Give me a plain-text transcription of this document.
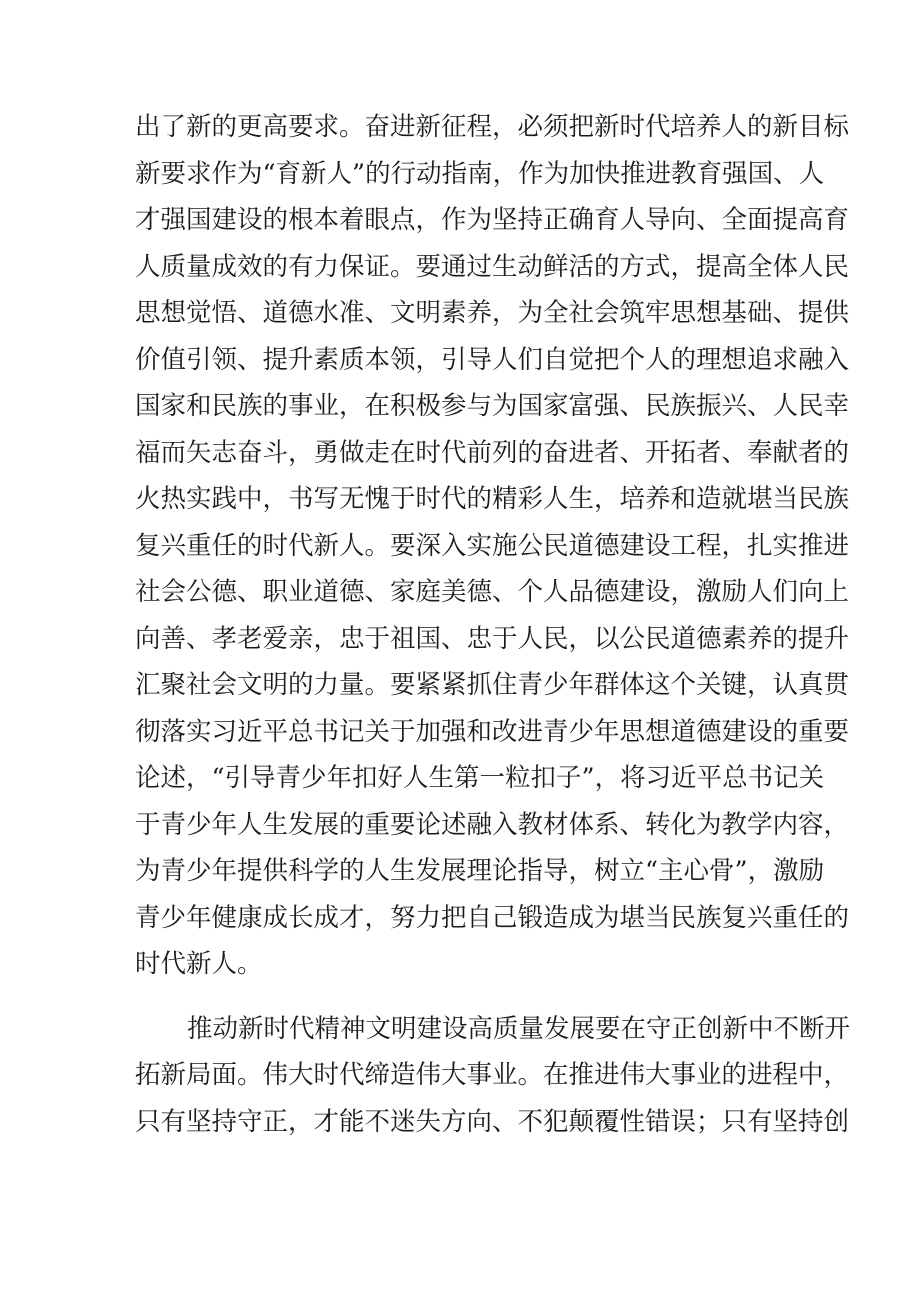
出了新的更高要求。奋进新征程，必须把新时代培养人的新目标
新要求作为“育新人”的行动指南，作为加快推进教育强国、人
才强国建设的根本着眼点，作为坚持正确育人导向、全面提高育
人质量成效的有力保证。要通过生动鲜活的方式，提高全体人民
思想觉悟、道德水准、文明素养，为全社会筑牢思想基础、提供
价值引领、提升素质本领，引导人们自觉把个人的理想追求融入
国家和民族的事业，在积极参与为国家富强、民族振兴、人民幸
福而矢志奋斗，勇做走在时代前列的奋进者、开拓者、奉献者的
火热实践中，书写无愧于时代的精彩人生，培养和造就堪当民族
复兴重任的时代新人。要深入实施公民道德建设工程，扎实推进
社会公德、职业道德、家庭美德、个人品德建设，激励人们向上
向善、孝老爱亲，忠于祖国、忠于人民，以公民道德素养的提升
汇聚社会文明的力量。要紧紧抓住青少年群体这个关键，认真贯
彻落实习近平总书记关于加强和改进青少年思想道德建设的重要
论述，“引导青少年扣好人生第一粒扣子”，将习近平总书记关
于青少年人生发展的重要论述融入教材体系、转化为教学内容，
为青少年提供科学的人生发展理论指导，树立“主心骨”，激励
青少年健康成长成才，努力把自己锻造成为堪当民族复兴重任的
时代新人。
推动新时代精神文明建设高质量发展要在守正创新中不断开
拓新局面。伟大时代缔造伟大事业。在推进伟大事业的进程中，
只有坚持守正，才能不迷失方向、不犯颠覆性错误；只有坚持创
